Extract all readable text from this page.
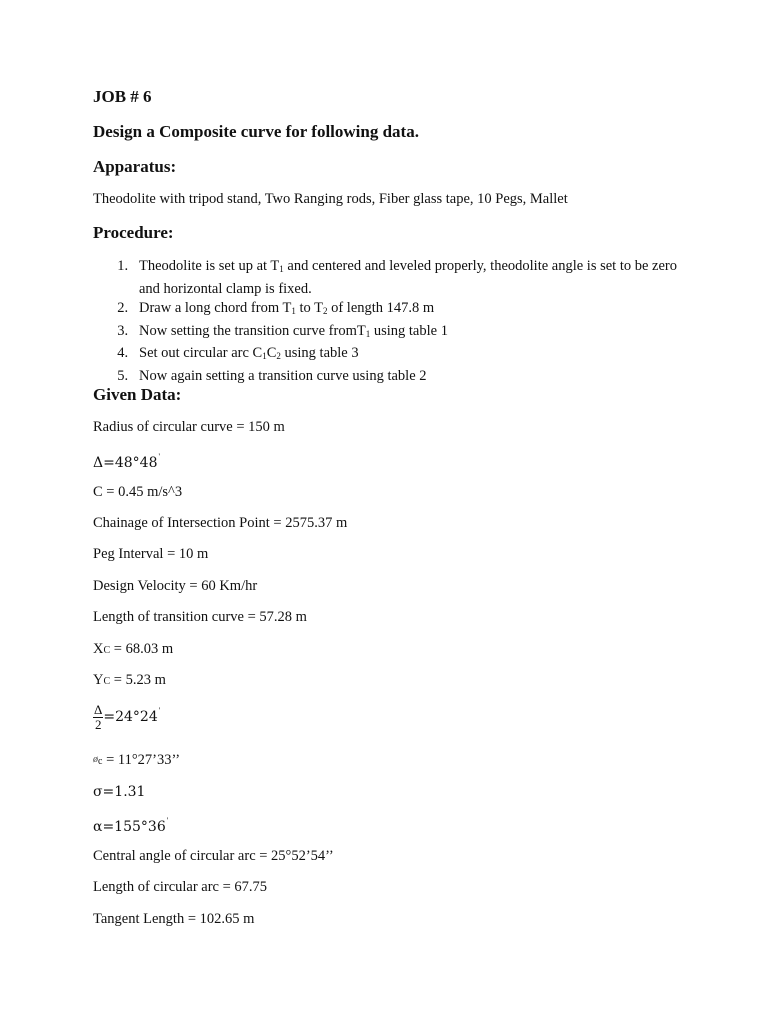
JOB # 6
Design a Composite curve for following data.
Apparatus:
Theodolite with tripod stand, Two Ranging rods, Fiber glass tape, 10 Pegs, Mallet
Procedure:
1. Theodolite is set up at $T_1$ and centered and leveled properly, theodolite angle is set to be zero and horizontal clamp is fixed.
2. Draw a long chord from $T_1$ to $T_2$ of length 147.8 m
3. Now setting the transition curve fromT$_1$ using table 1
4. Set out circular arc $C_1C_2$ using table 3
5. Now again setting a transition curve using table 2
Given Data:
Radius of circular curve = 150 m
Δ=48°48'
C = 0.45 m/s^3
Chainage of Intersection Point = 2575.37 m
Peg Interval = 10 m
Design Velocity = 60 Km/hr
Length of transition curve = 57.28 m
XC = 68.03 m
YC = 5.23 m
$\frac{\Delta}{2} =24^\circ 24'$
øc = 11°27’33’’
σ=1.31
α=155°36'
Central angle of circular arc = 25°52’54’’
Length of circular arc = 67.75
Tangent Length = 102.65 m
